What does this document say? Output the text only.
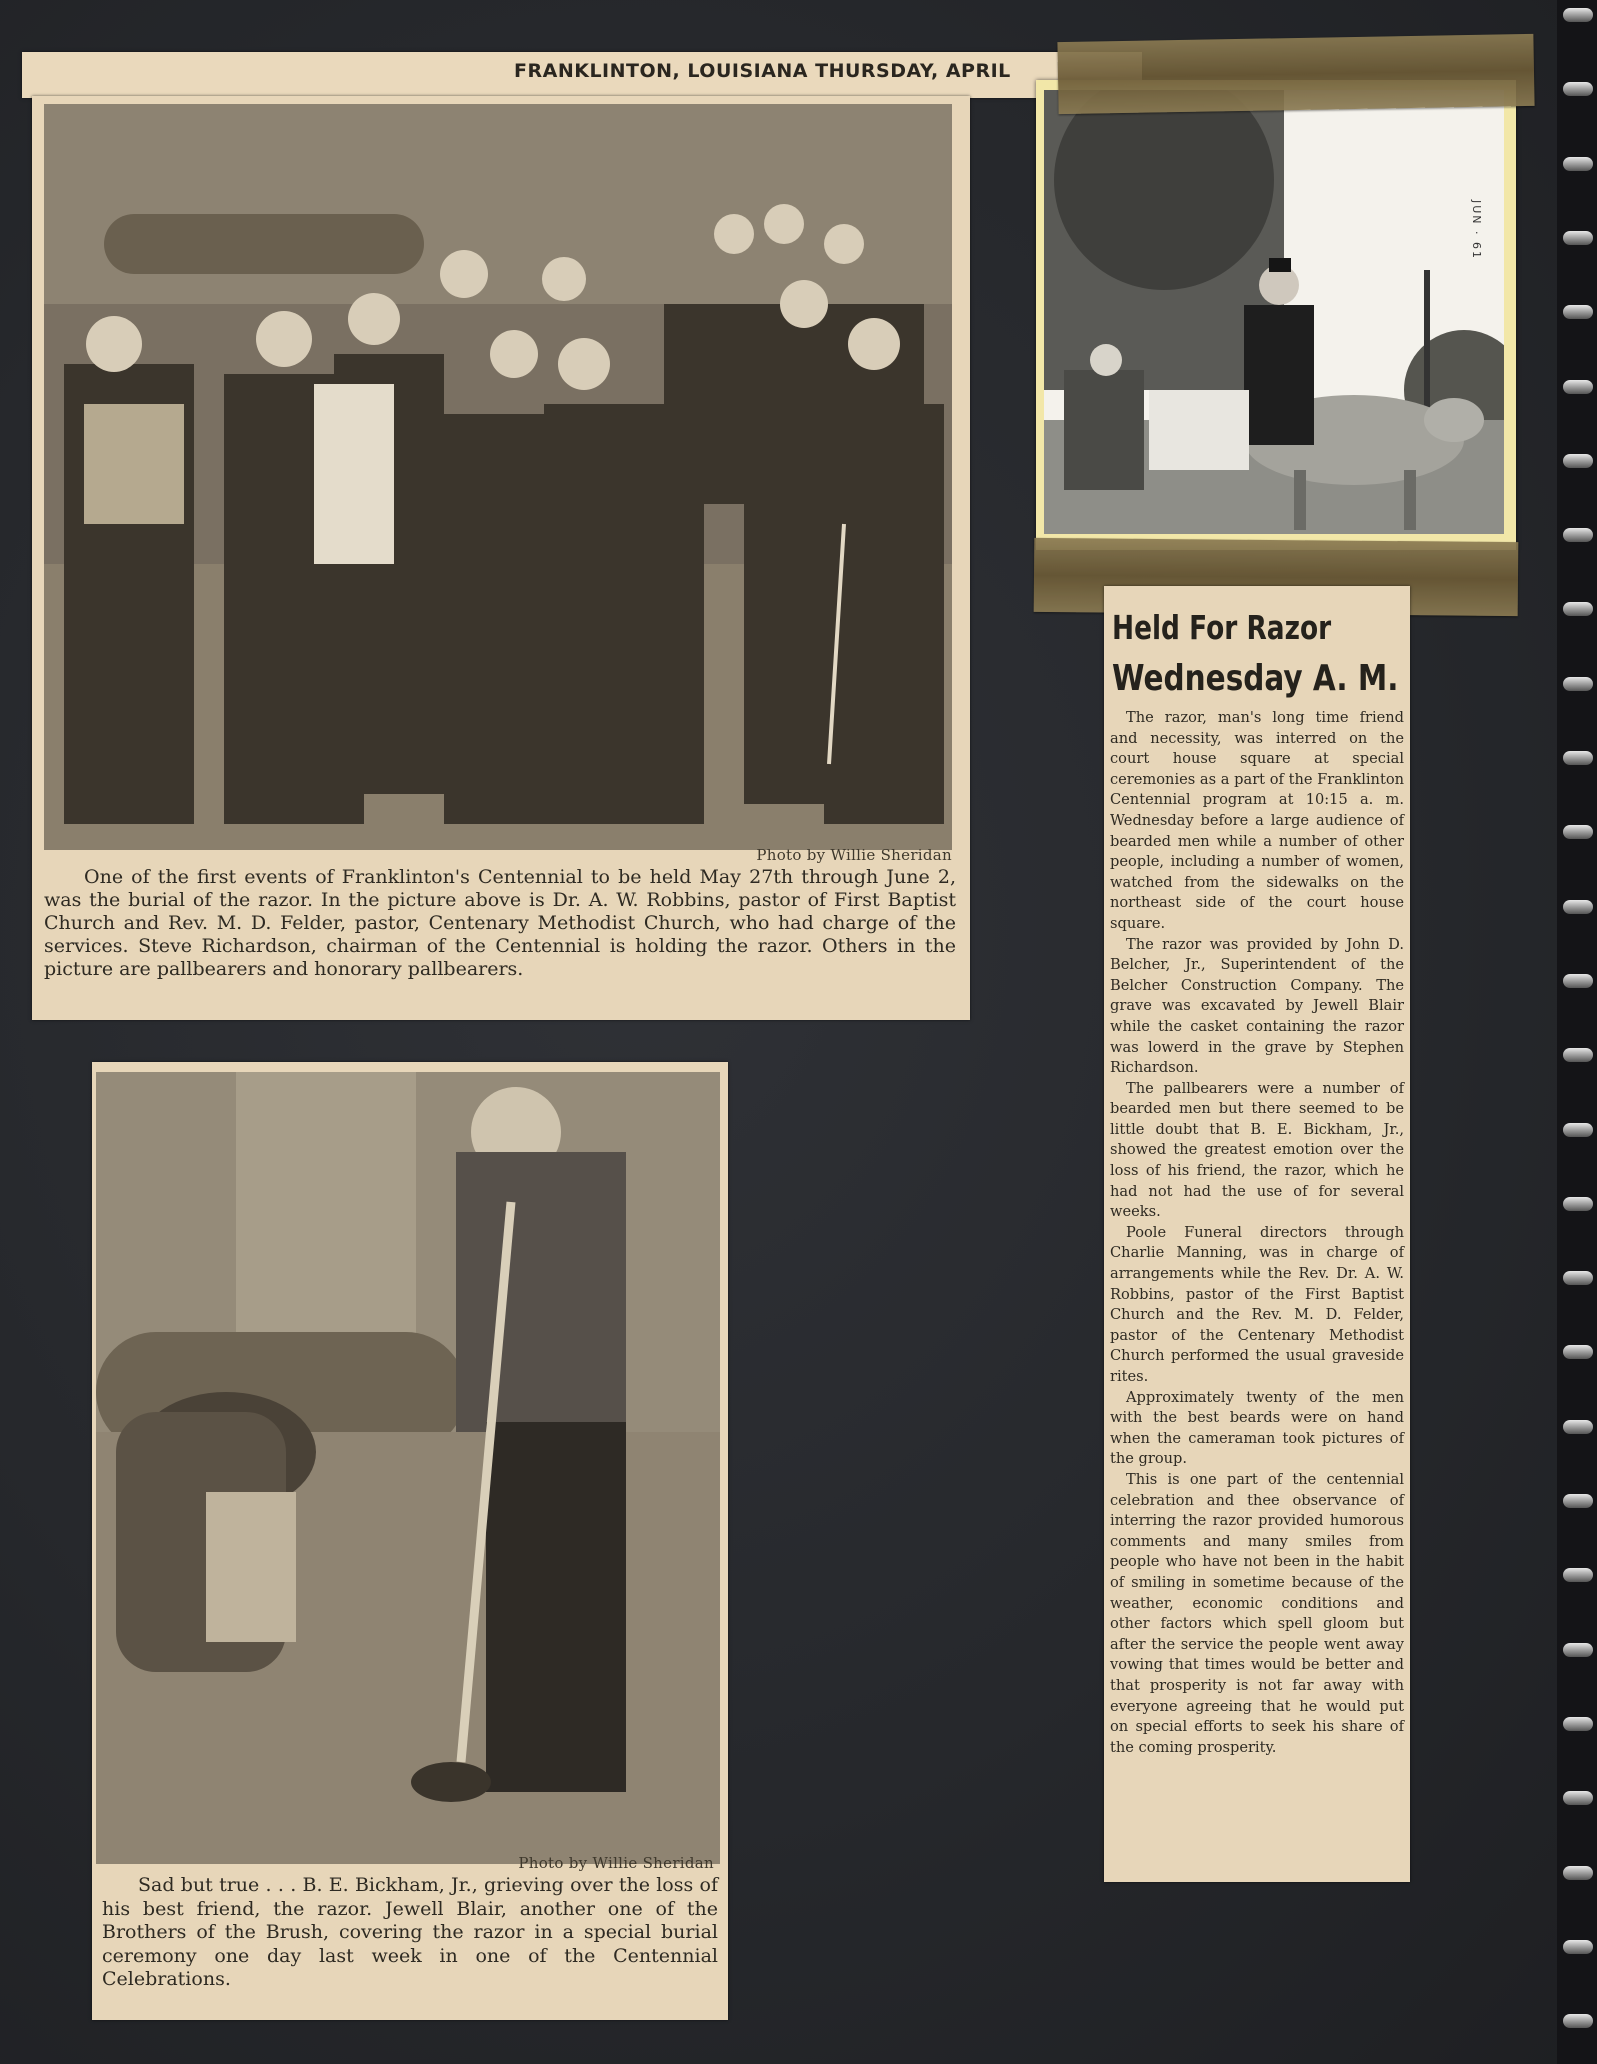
FRANKLINTON, LOUISIANA THURSDAY, APRIL
Photo by Willie Sheridan
One of the first events of Franklinton's Centennial to be held May 27th through June 2, was the burial of the razor. In the picture above is Dr. A. W. Robbins, pastor of First Baptist Church and Rev. M. D. Felder, pastor, Centenary Methodist Church, who had charge of the services. Steve Richardson, chairman of the Centennial is holding the razor. Others in the picture are pallbearers and honorary pallbearers.
Photo by Willie Sheridan
Sad but true . . . B. E. Bickham, Jr., grieving over the loss of his best friend, the razor. Jewell Blair, another one of the Brothers of the Brush, covering the razor in a special burial ceremony one day last week in one of the Centennial Celebrations.
JUN · 61
Held For Razor
Wednesday A. M.

The razor, man's long time friend and necessity, was interred on the court house square at special ceremonies as a part of the Franklinton Centennial program at 10:15 a. m. Wednesday before a large audience of bearded men while a number of other people, including a number of women, watched from the sidewalks on the northeast side of the court house square.

The razor was provided by John D. Belcher, Jr., Superintendent of the Belcher Construction Company. The grave was excavated by Jewell Blair while the casket containing the razor was lowerd in the grave by Stephen Richardson.

The pallbearers were a number of bearded men but there seemed to be little doubt that B. E. Bickham, Jr., showed the greatest emotion over the loss of his friend, the razor, which he had not had the use of for several weeks.

Poole Funeral directors through Charlie Manning, was in charge of arrangements while the Rev. Dr. A. W. Robbins, pastor of the First Baptist Church and the Rev. M. D. Felder, pastor of the Centenary Methodist Church performed the usual graveside rites.

Approximately twenty of the men with the best beards were on hand when the cameraman took pictures of the group.

This is one part of the centennial celebration and thee observance of interring the razor provided humorous comments and many smiles from people who have not been in the habit of smiling in sometime because of the weather, economic conditions and other factors which spell gloom but after the service the people went away vowing that times would be better and that prosperity is not far away with everyone agreeing that he would put on special efforts to seek his share of the coming prosperity.
